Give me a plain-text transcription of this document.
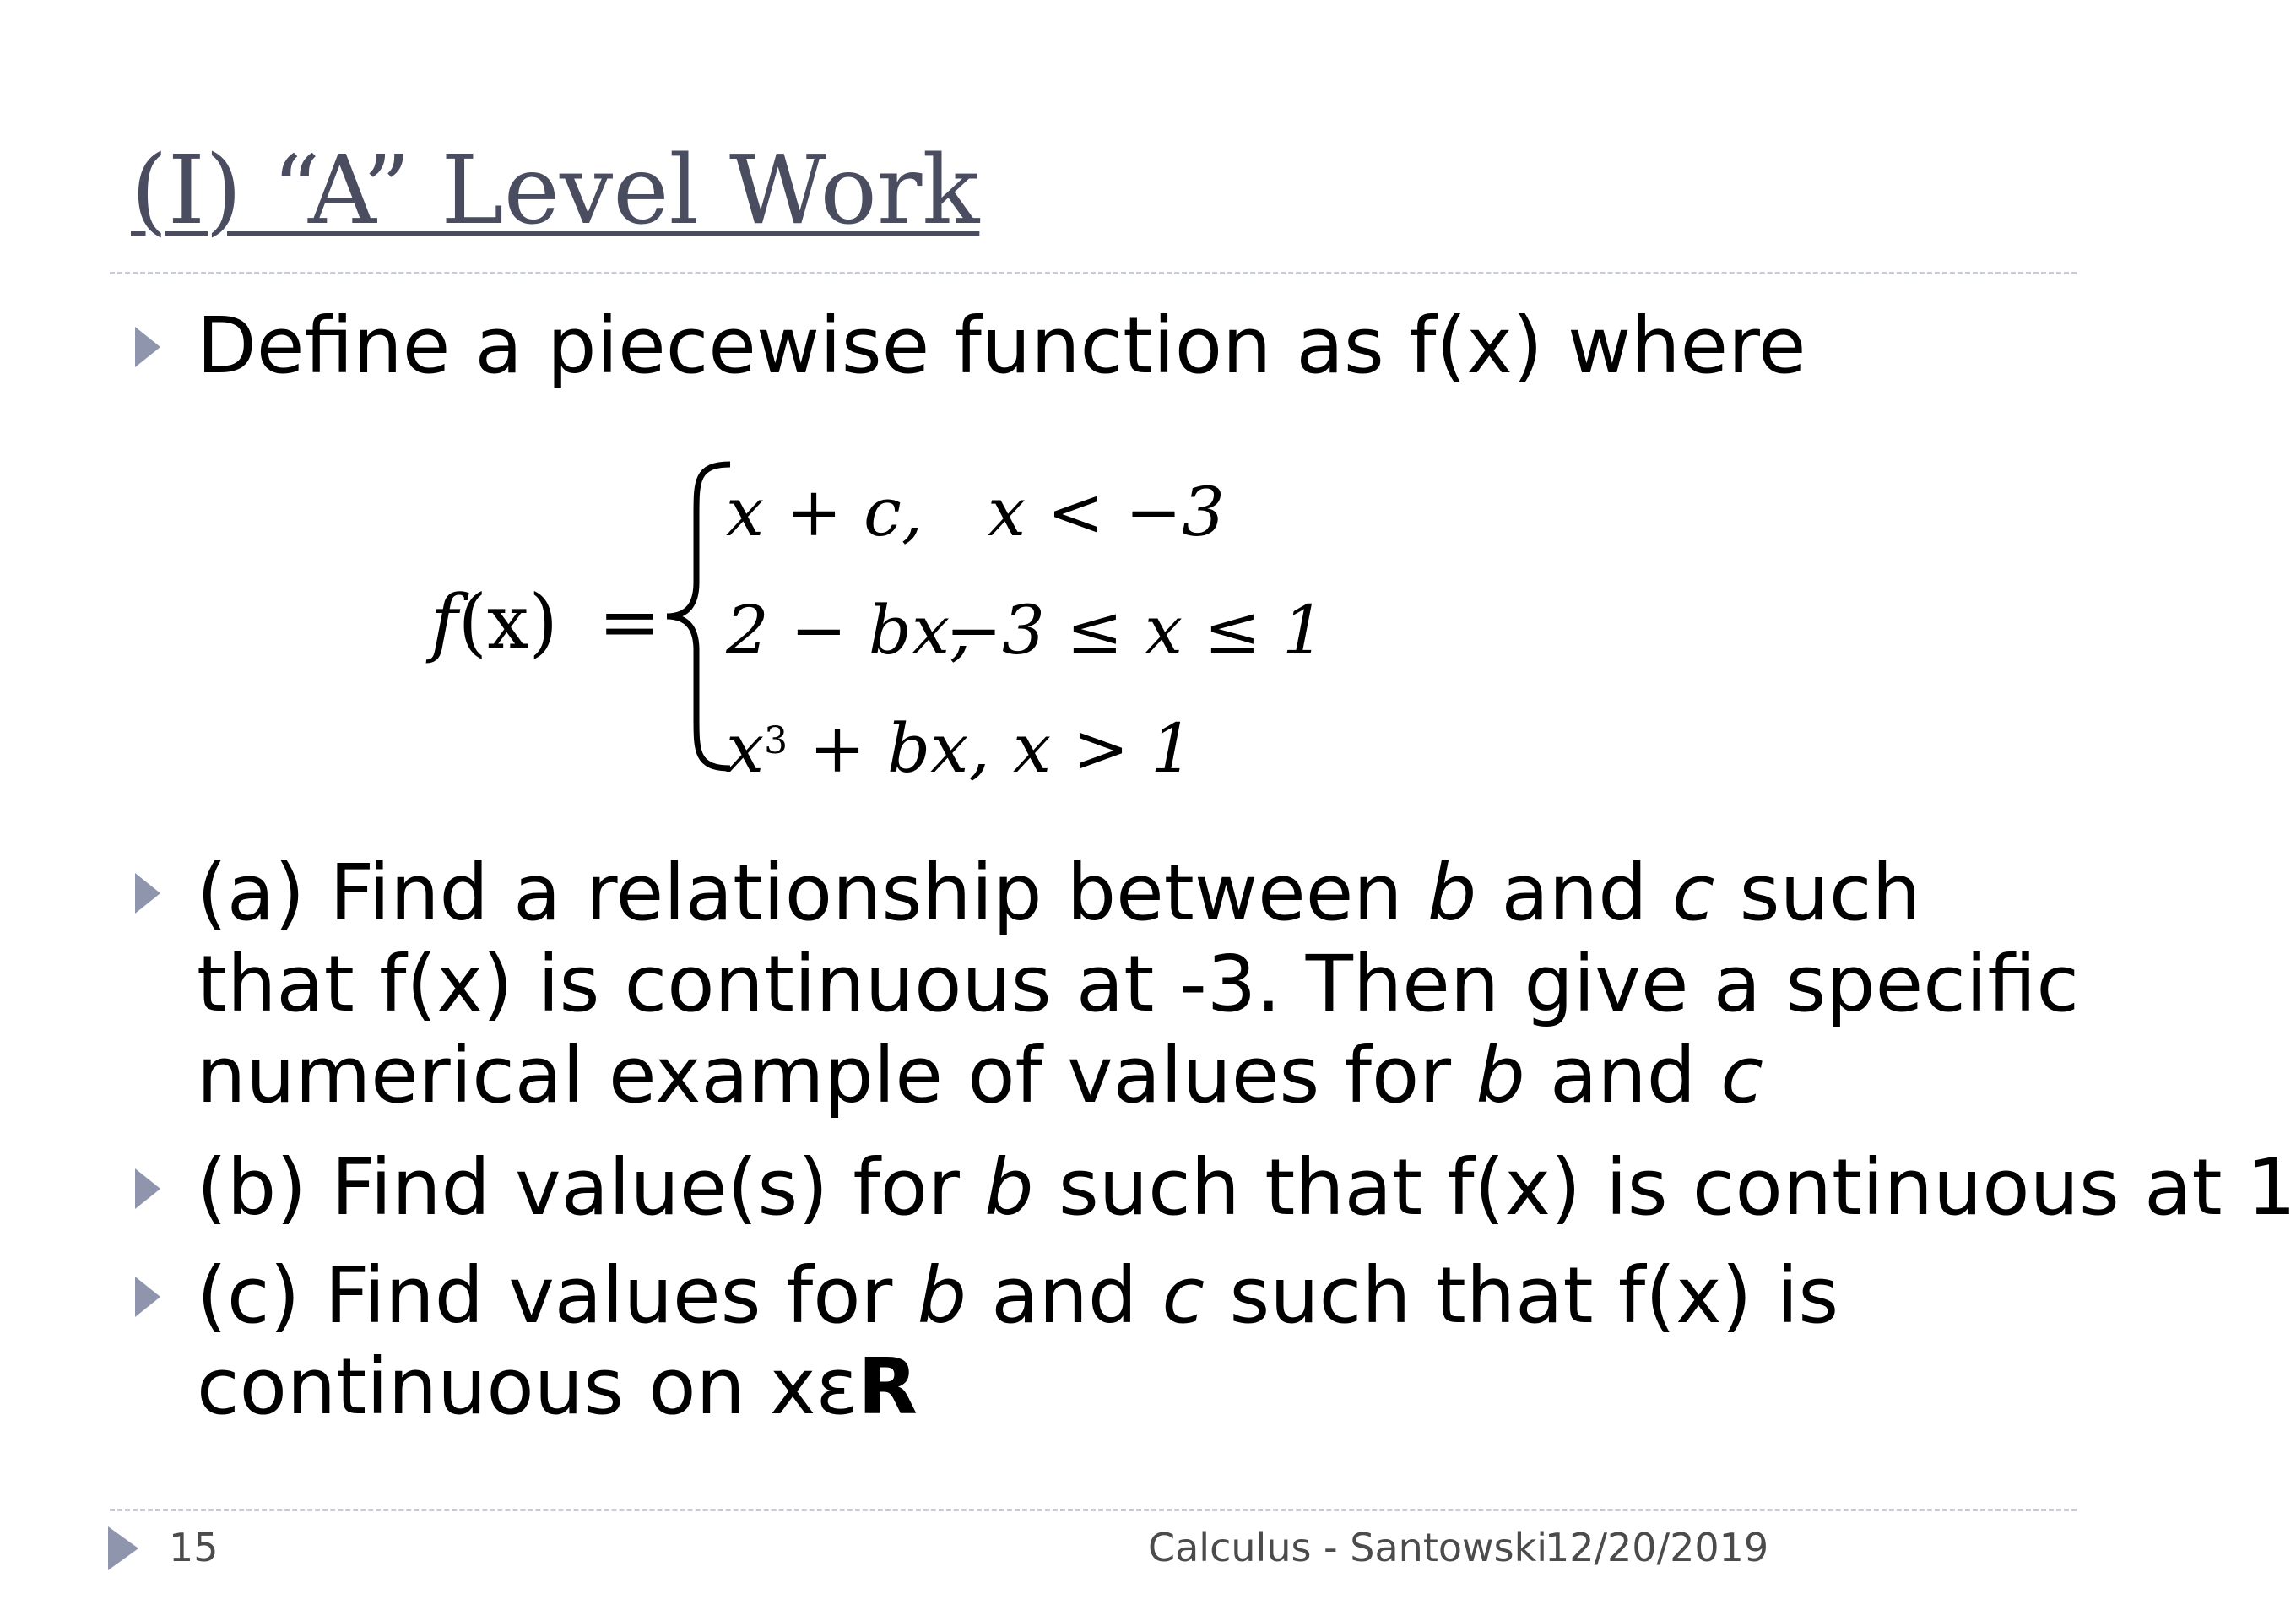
(I) “A” Level Work
Define a piecewise function as f(x) where
f(x) =
x + c, x < −3
2 − bx,
−3 ≤ x ≤ 1
$x^3$ + bx, x > 1
(a) Find a relationship between b and c such that f(x) is continuous at -3. Then give a specific numerical example of values for b and c
(b) Find value(s) for b such that f(x) is continuous at 1
(c) Find values for b and c such that f(x) is continuous on xεR
15	Calculus - Santowski
12/20/2019
